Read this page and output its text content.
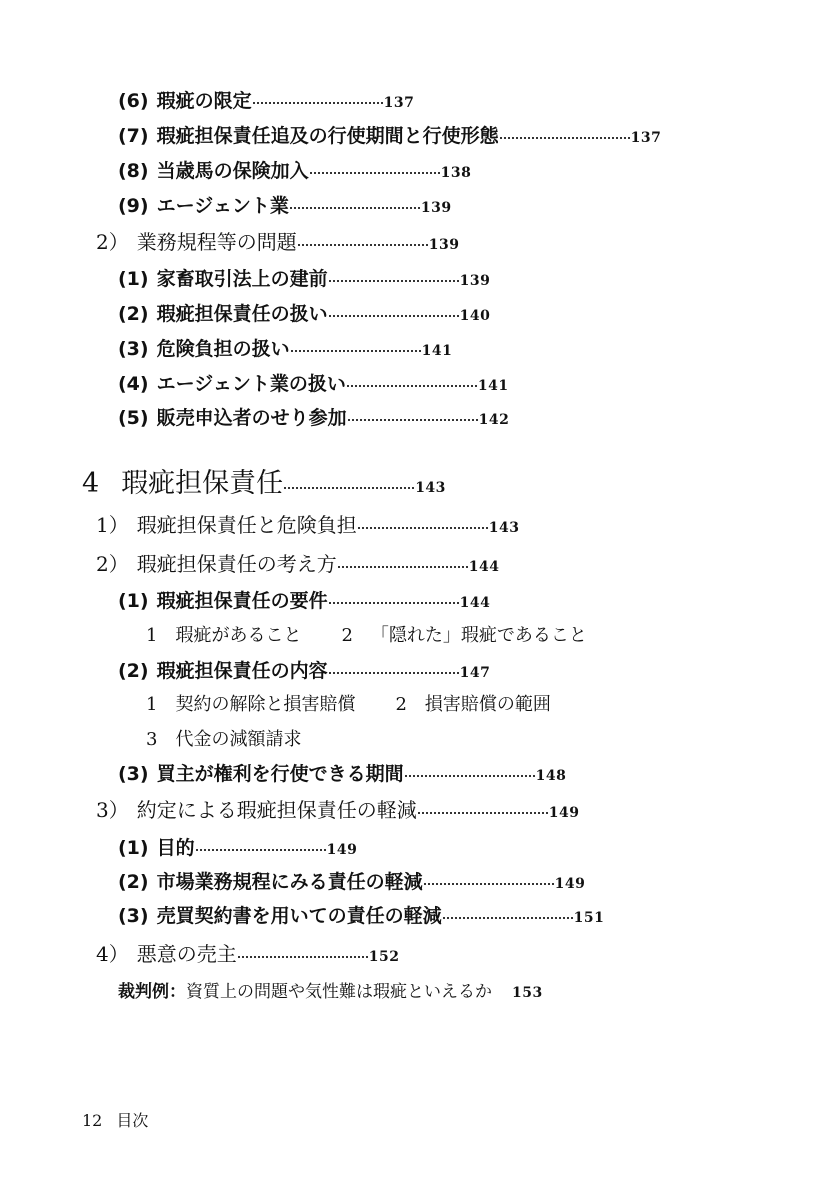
(6) 瑕疵の限定	137
(7) 瑕疵担保責任追及の行使期間と行使形態	137
(8) 当歳馬の保険加入	138
(9) エージェント業	139
2） 業務規程等の問題	139
(1) 家畜取引法上の建前	139
(2) 瑕疵担保責任の扱い	140
(3) 危険負担の扱い	141
(4) エージェント業の扱い	141
(5) 販売申込者のせり参加	142
4 瑕疵担保責任	143
1） 瑕疵担保責任と危険負担	143
2） 瑕疵担保責任の考え方	144
(1) 瑕疵担保責任の要件	144
1 瑕疵があること 2 「隠れた」瑕疵であること
(2) 瑕疵担保責任の内容	147
1 契約の解除と損害賠償 2 損害賠償の範囲
3 代金の減額請求
(3) 買主が権利を行使できる期間	148
3） 約定による瑕疵担保責任の軽減	149
(1) 目的	149
(2) 市場業務規程にみる責任の軽減	149
(3) 売買契約書を用いての責任の軽減	151
4） 悪意の売主	152
裁判例：資質上の問題や気性難は瑕疵といえるか 153
12 目次
